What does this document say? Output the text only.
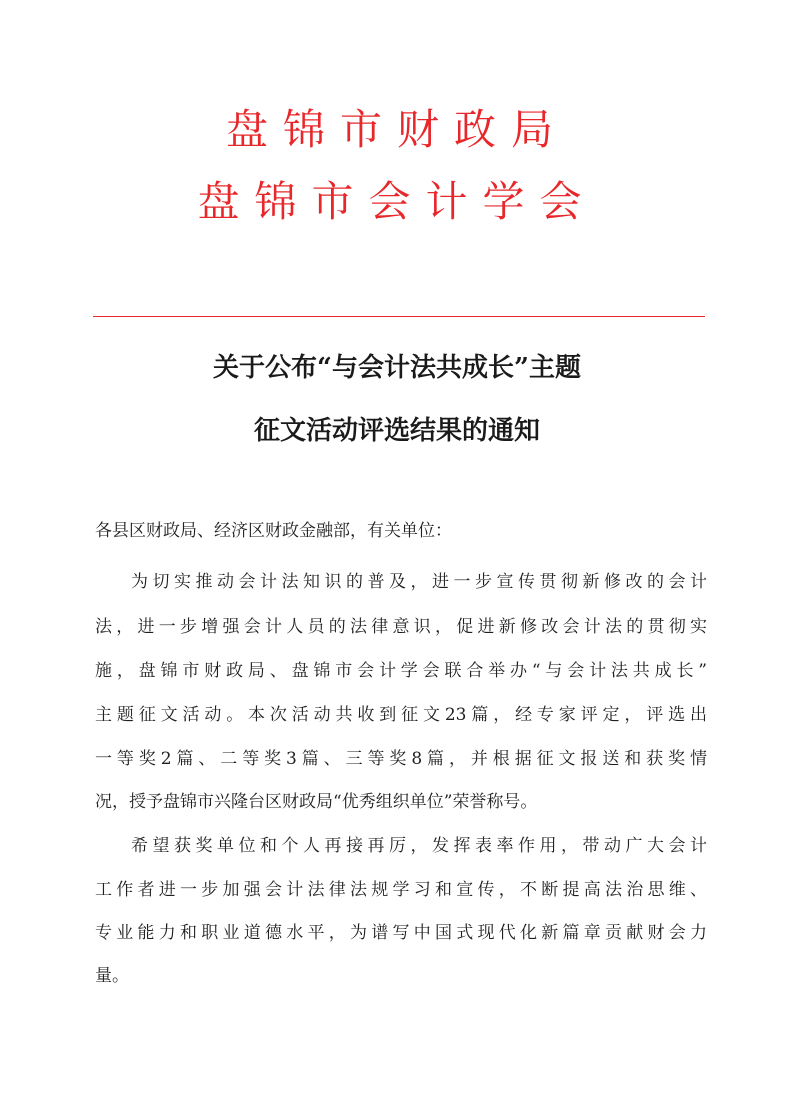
盘锦市财政局
盘锦市会计学会
关于公布“与会计法共成长”主题
征文活动评选结果的通知
各县区财政局、经济区财政金融部，有关单位：
为切实推动会计法知识的普及，进一步宣传贯彻新修改的会计
法，进一步增强会计人员的法律意识，促进新修改会计法的贯彻实
施，盘锦市财政局、盘锦市会计学会联合举办“与会计法共成长”
主题征文活动。本次活动共收到征文23篇，经专家评定，评选出
一等奖2篇、二等奖3篇、三等奖8篇，并根据征文报送和获奖情
况，授予盘锦市兴隆台区财政局“优秀组织单位”荣誉称号。
希望获奖单位和个人再接再厉，发挥表率作用，带动广大会计
工作者进一步加强会计法律法规学习和宣传，不断提高法治思维、
专业能力和职业道德水平，为谱写中国式现代化新篇章贡献财会力
量。
